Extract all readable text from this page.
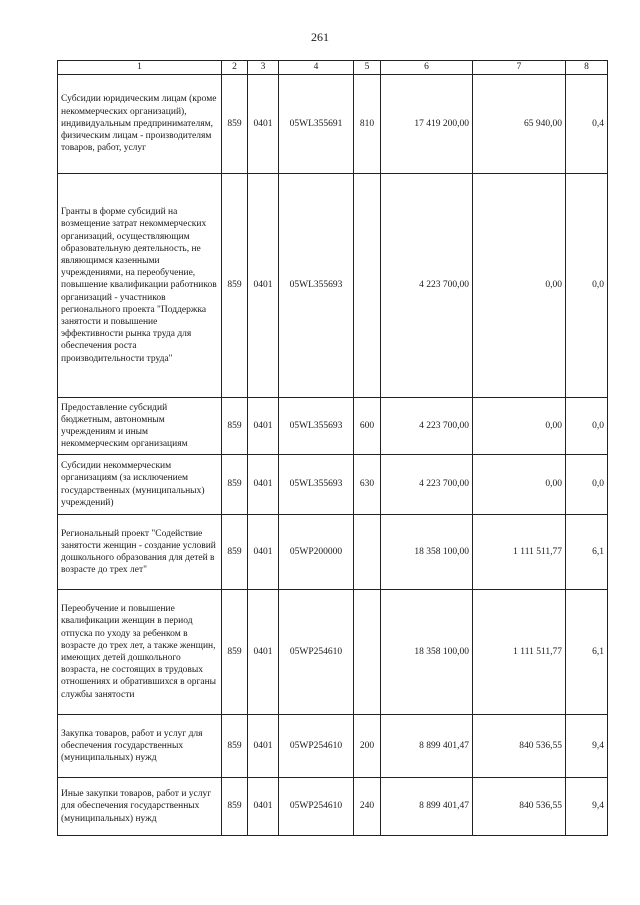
261
1	2	3	4	5	6	7	8
Субсидии юридическим лицам (кроме некоммерческих организаций), индивидуальным предпринимателям, физическим лицам - производителям товаров, работ, услуг	859	0401	05WL355691	810	17 419 200,00	65 940,00	0,4
Гранты в форме субсидий на возмещение затрат некоммерческих организаций, осуществляющим образовательную деятельность, не являющимся казенными учреждениями, на переобучение, повышение квалификации работников организаций - участников регионального проекта "Поддержка занятости и повышение эффективности рынка труда для обеспечения роста производительности труда"	859	0401	05WL355693		4 223 700,00	0,00	0,0
Предоставление субсидий бюджетным, автономным учреждениям и иным некоммерческим организациям	859	0401	05WL355693	600	4 223 700,00	0,00	0,0
Субсидии некоммерческим организациям (за исключением государственных (муниципальных) учреждений)	859	0401	05WL355693	630	4 223 700,00	0,00	0,0
Региональный проект "Содействие занятости женщин - создание условий дошкольного образования для детей в возрасте до трех лет"	859	0401	05WP200000		18 358 100,00	1 111 511,77	6,1
Переобучение и повышение квалификации женщин в период отпуска по уходу за ребенком в возрасте до трех лет, а также женщин, имеющих детей дошкольного возраста, не состоящих в трудовых отношениях и обратившихся в органы службы занятости	859	0401	05WP254610		18 358 100,00	1 111 511,77	6,1
Закупка товаров, работ и услуг для обеспечения государственных (муниципальных) нужд	859	0401	05WP254610	200	8 899 401,47	840 536,55	9,4
Иные закупки товаров, работ и услуг для обеспечения государственных (муниципальных) нужд	859	0401	05WP254610	240	8 899 401,47	840 536,55	9,4
